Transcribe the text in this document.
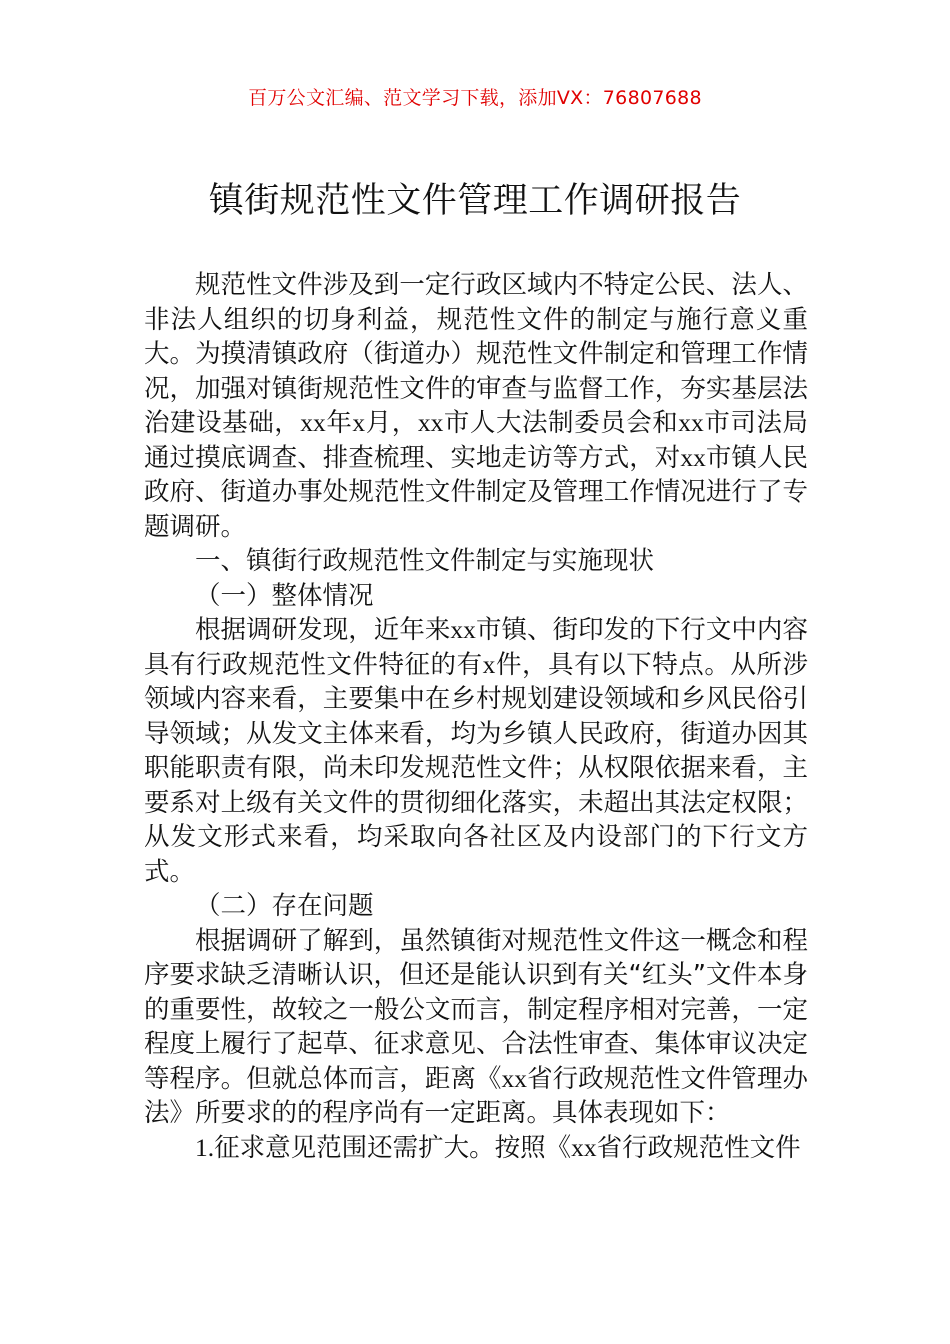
百万公文汇编、范文学习下载，添加VX：76807688
镇街规范性文件管理工作调研报告

规范性文件涉及到一定行政区域内不特定公民、法人、非法人组织的切身利益，规范性文件的制定与施行意义重大。为摸清镇政府（街道办）规范性文件制定和管理工作情况，加强对镇街规范性文件的审查与监督工作，夯实基层法治建设基础，xx年x月，xx市人大法制委员会和xx市司法局通过摸底调查、排查梳理、实地走访等方式，对xx市镇人民政府、街道办事处规范性文件制定及管理工作情况进行了专题调研。

一、镇街行政规范性文件制定与实施现状

（一）整体情况

根据调研发现，近年来xx市镇、街印发的下行文中内容具有行政规范性文件特征的有x件，具有以下特点。从所涉领域内容来看，主要集中在乡村规划建设领域和乡风民俗引导领域；从发文主体来看，均为乡镇人民政府，街道办因其职能职责有限，尚未印发规范性文件；从权限依据来看，主要系对上级有关文件的贯彻细化落实，未超出其法定权限；从发文形式来看，均采取向各社区及内设部门的下行文方式。

（二）存在问题

根据调研了解到，虽然镇街对规范性文件这一概念和程序要求缺乏清晰认识，但还是能认识到有关“红头”文件本身的重要性，故较之一般公文而言，制定程序相对完善，一定程度上履行了起草、征求意见、合法性审查、集体审议决定等程序。但就总体而言，距离《xx省行政规范性文件管理办法》所要求的的程序尚有一定距离。具体表现如下：

1.征求意见范围还需扩大。按照《xx省行政规范性文件
